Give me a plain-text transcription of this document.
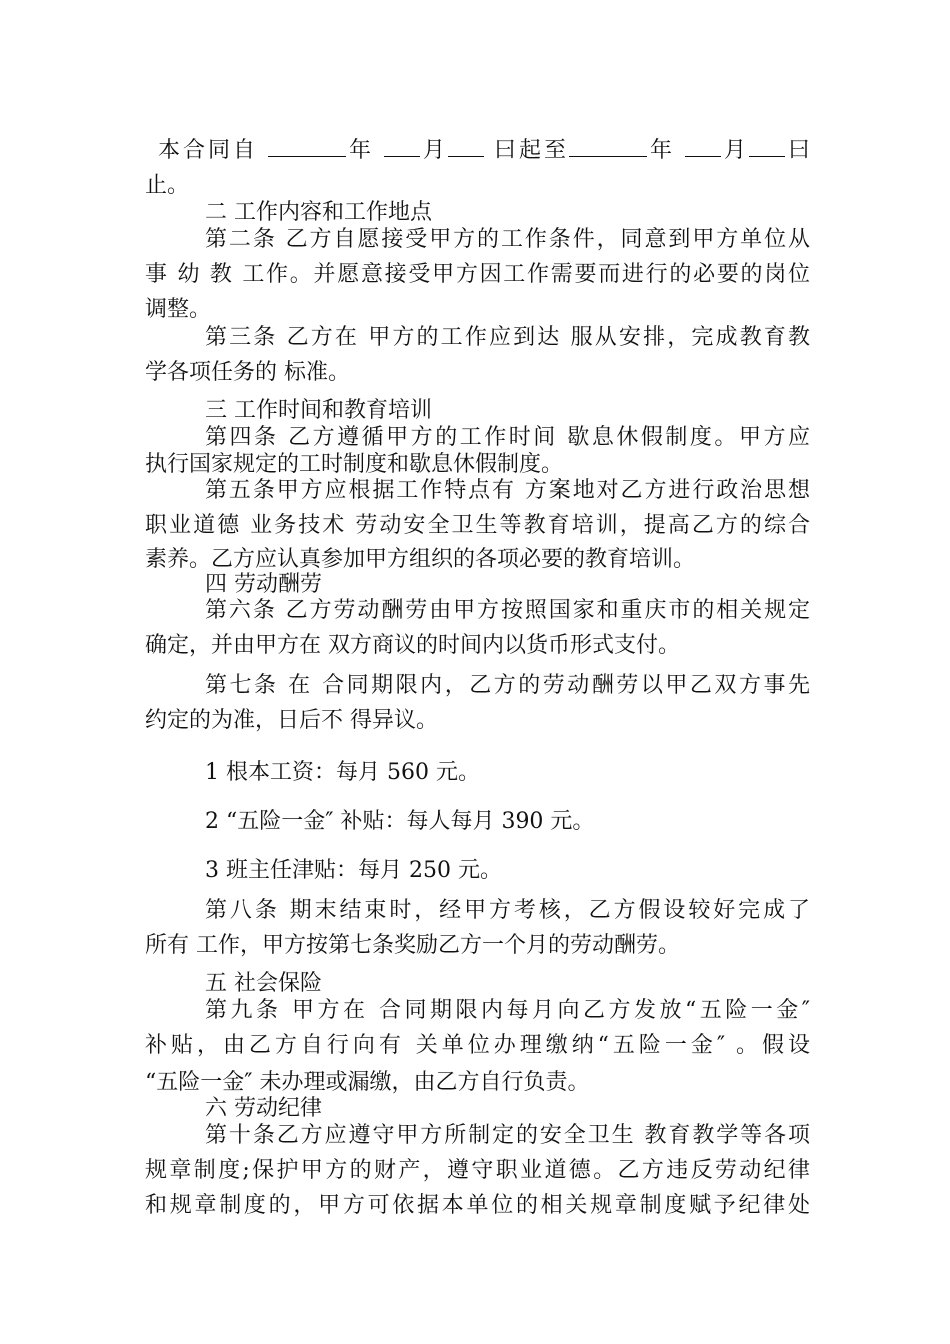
本合同自	年 月 曰起至	年 月 曰
止。
二 工作内容和工作地点
第二条 乙方自愿接受甲方的工作条件，同意到甲方单位从
事 幼 教 工作。并愿意接受甲方因工作需要而进行的必要的岗位
调整。
第三条 乙方在 甲方的工作应到达 服从安排，完成教育教
学各项任务的 标准。
三 工作时间和教育培训
第四条 乙方遵循甲方的工作时间 歇息休假制度。甲方应
执行国家规定的工时制度和歇息休假制度。
第五条甲方应根据工作特点有 方案地对乙方进行政治思想
职业道德 业务技术 劳动安全卫生等教育培训，提高乙方的综合
素养。乙方应认真参加甲方组织的各项必要的教育培训。
四 劳动酬劳
第六条 乙方劳动酬劳由甲方按照国家和重庆市的相关规定
确定，并由甲方在 双方商议的时间内以货币形式支付。
第七条 在 合同期限内，乙方的劳动酬劳以甲乙双方事先
约定的为准，日后不 得异议。
1 根本工资：每月 560 元。
2 “五险一金″ 补贴：每人每月 390 元。
3 班主任津贴：每月 250 元。
第八条 期末结束时，经甲方考核，乙方假设较好完成了
所有 工作，甲方按第七条奖励乙方一个月的劳动酬劳。
五 社会保险
第九条 甲方在 合同期限内每月向乙方发放“五险一金″
补贴，由乙方自行向有 关单位办理缴纳“五险一金″ 。假设
“五险一金″ 未办理或漏缴，由乙方自行负责。
六 劳动纪律
第十条乙方应遵守甲方所制定的安全卫生 教育教学等各项
规章制度;保护甲方的财产，遵守职业道德。乙方违反劳动纪律
和规章制度的，甲方可依据本单位的相关规章制度赋予纪律处
